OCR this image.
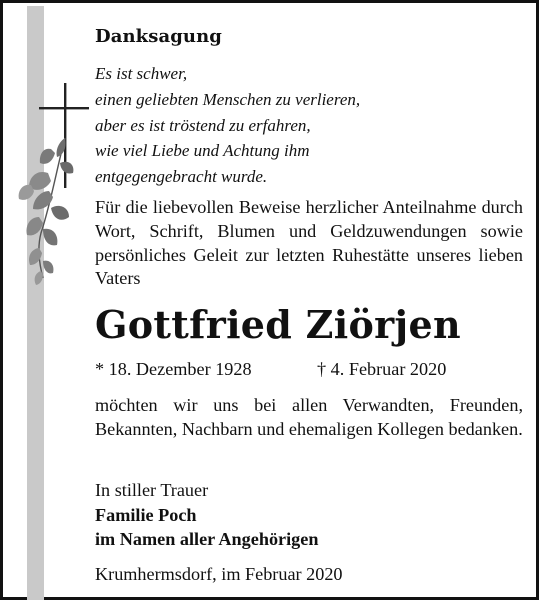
Danksagung
Es ist schwer,
einen geliebten Menschen zu verlieren,
aber es ist tröstend zu erfahren,
wie viel Liebe und Achtung ihm
entgegengebracht wurde.
Für die liebevollen Beweise herzlicher Anteilnahme durch Wort, Schrift, Blumen und Geldzuwendungen sowie persönliches Geleit zur letzten Ruhestätte unseres lieben Vaters
Gottfried Ziörjen
* 18. Dezember 1928	† 4. Februar 2020
möchten wir uns bei allen Verwandten, Freunden, Bekannten, Nachbarn und ehemaligen Kollegen bedanken.
In stiller Trauer
Familie Poch
im Namen aller Angehörigen
Krumhermsdorf, im Februar 2020
